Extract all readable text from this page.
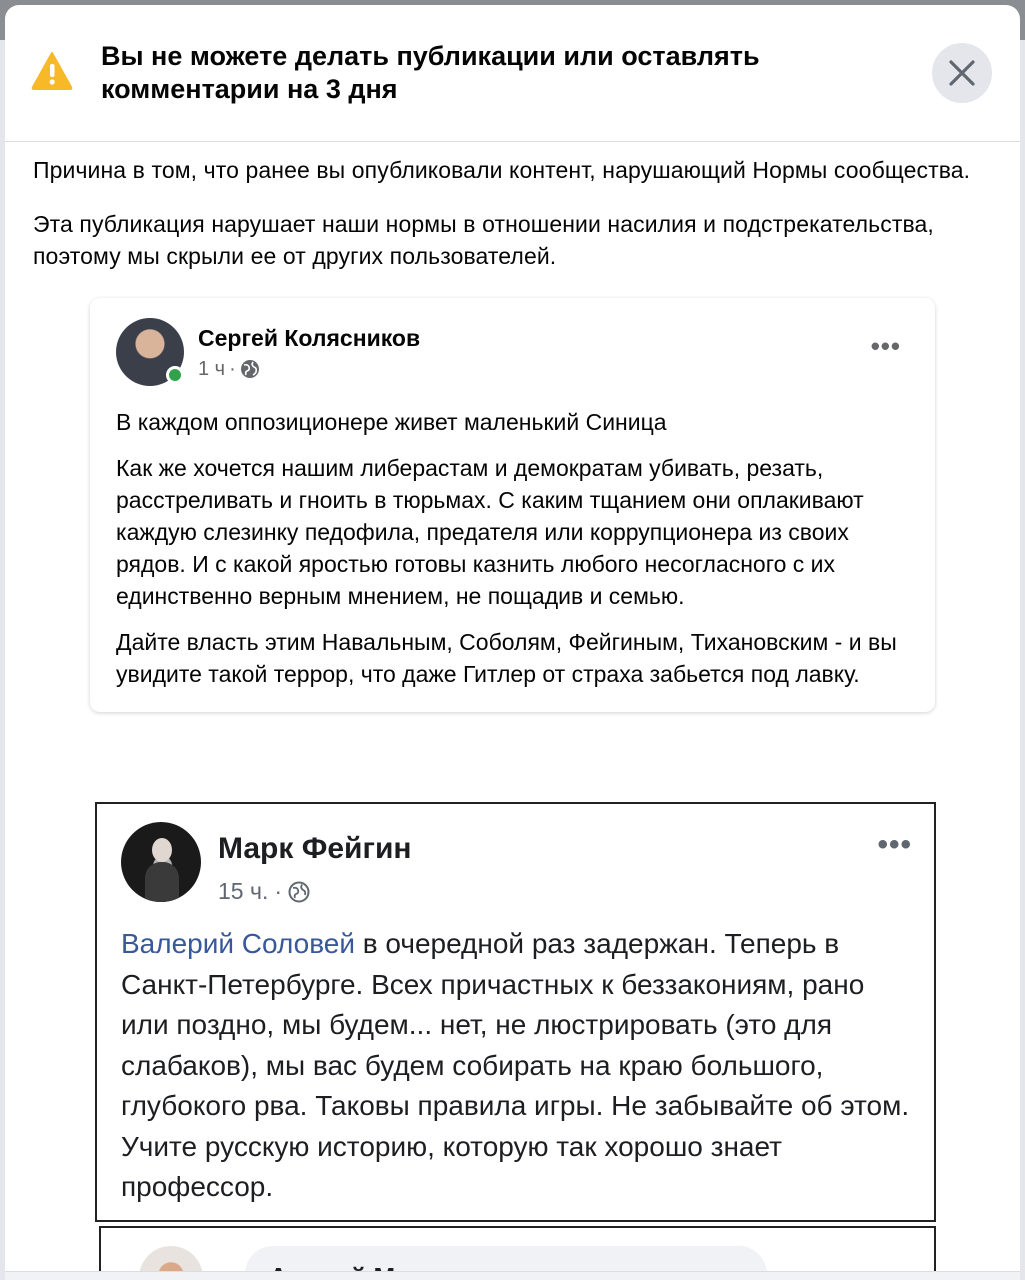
Вы не можете делать публикации или оставлять комментарии на 3 дня

Причина в том, что ранее вы опубликовали контент, нарушающий Нормы сообщества.

Эта публикация нарушает наши нормы в отношении насилия и подстрекательства, поэтому мы скрыли ее от других пользователей.

Сергей Колясников
1 ч ·
•••

В каждом оппозиционере живет маленький Синица

Как же хочется нашим либерастам и демократам убивать, резать, расстреливать и гноить в тюрьмах. С каким тщанием они оплакивают каждую слезинку педофила, предателя или коррупционера из своих рядов. И с какой яростью готовы казнить любого несогласного с их единственно верным мнением, не пощадив и семью.

Дайте власть этим Навальным, Соболям, Фейгиным, Тихановским - и вы увидите такой террор, что даже Гитлер от страха забьется под лавку.

Марк Фейгин
15 ч. ·
•••
Валерий Соловей в очередной раз задержан. Теперь в Санкт-Петербурге. Всех причастных к беззакониям, рано или поздно, мы будем... нет, не люстрировать (это для слабаков), мы вас будем собирать на краю большого, глубокого рва. Таковы правила игры. Не забывайте об этом. Учите русскую историю, которую так хорошо знает профессор.
